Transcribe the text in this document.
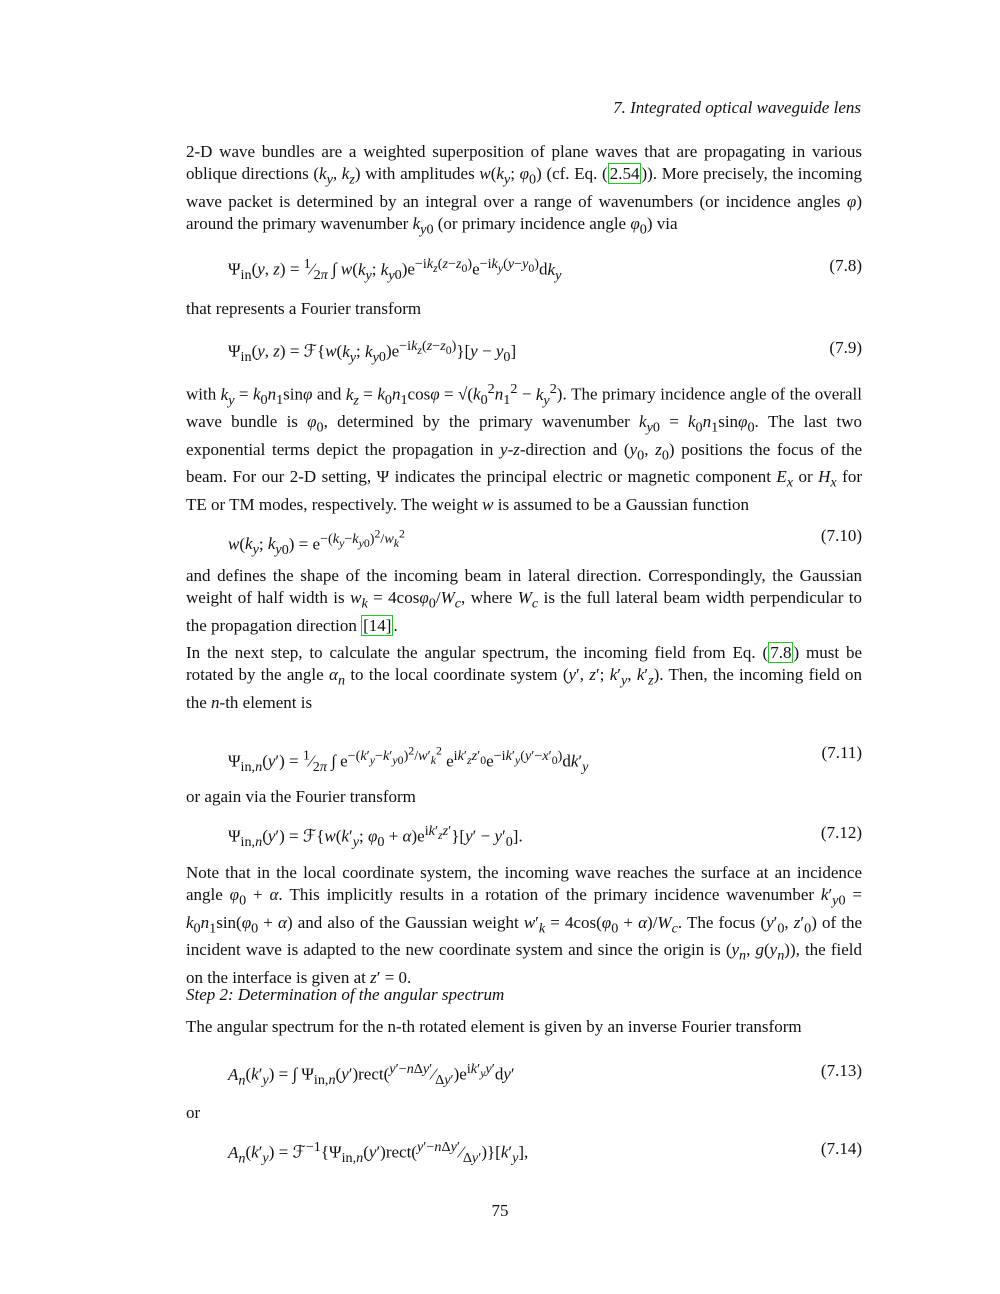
7. Integrated optical waveguide lens

2-D wave bundles are a weighted superposition of plane waves that are propagating in various oblique directions ($k_y$, $k_z$) with amplitudes $w(k_y$; $\varphi_0$) (cf. Eq. ( 2.54 )). More precisely, the incoming wave packet is determined by an integral over a range of wavenumbers (or incidence angles φ) around the primary wavenumber $k_{y0}$ (or primary incidence angle $\varphi_0$) via

$\Psi_{in}(y$, $z) = ^1⁄_{2\pi}$ ∫ $w(k_y$; $k_{y0})e^{-ik_z(z-z_0)}e^{-ik_y(y-y_0)}dk_y$
(7.8)

that represents a Fourier transform

$\Psi_{in}(y$, $z) = ℱ\{w(k_y$; $k_{y0})e^{-ik_z(z-z_0)}\}[y - y_0]$	(7.9)

with $k_y = k_0n_1\sin\varphi$ and $k_z = k_0n_1\cos\varphi = √(k_0^2n_1^2 - k_y^2)$. The primary incidence angle of the overall wave bundle is $\varphi_0$, determined by the primary wavenumber $k_{y0} = k_0n_1\sin\varphi_0$. The last two exponential terms depict the propagation in y-z-direction and ($y_0$, $z_0$) positions the focus of the beam. For our 2-D setting, Ψ indicates the principal electric or magnetic component $E_x$ or $H_x$ for TE or TM modes, respectively. The weight w is assumed to be a Gaussian function

$w(k_y$; $k_{y0}) = e^{-(k_y-k_{y0})^2/w_k^2}$	(7.10)

and defines the shape of the incoming beam in lateral direction. Correspondingly, the Gaussian weight of half width is $w_k = 4\cos\varphi_0/W_c$, where $W_c$ is the full lateral beam width perpendicular to the propagation direction [14] .

In the next step, to calculate the angular spectrum, the incoming field from Eq. ( 7.8 ) must be rotated by the angle $\alpha_n$ to the local coordinate system (y′, z′; $k'_y$, $k'_z$). Then, the incoming field on the n-th element is

$\Psi_{in,n}(y')$ = $^1⁄_{2\pi}$ ∫ $e^{-(k'_y-k'_{y0})^2/w'_k^2}$ $e^{ik'_zz'_0}e^{-ik'_y(y'-x'_0)}dk'_y$
(7.11)

or again via the Fourier transform

$\Psi_{in,n}(y')$ = $ℱ\{w(k'_y$; $\varphi_0 + \alpha)e^{ik'_zz'}\}[y' - y'_0]$.	(7.12)

Note that in the local coordinate system, the incoming wave reaches the surface at an incidence angle $\varphi_0 + \alpha$. This implicitly results in a rotation of the primary incidence wavenumber $k'_{y0} = k_0n_1\sin(\varphi_0 + \alpha)$ and also of the Gaussian weight $w'_k = 4\cos(\varphi_0 + \alpha)/W_c$. The focus ($y'_0$, $z'_0$) of the incident wave is adapted to the new coordinate system and since the origin is ($y_n$, $g(y_n)$), the field on the interface is given at z′ = 0.

Step 2: Determination of the angular spectrum

The angular spectrum for the n-th rotated element is given by an inverse Fourier transform

$A_n(k'_y)$ = ∫ $\Psi_{in,n}(y')rect(^{y'-n\Delta y'}⁄_{\Delta y'})e^{ik'_yy'}dy'$	(7.13)

or

$A_n(k'_y)$ = $ℱ^{-1}\{\Psi_{in,n}(y')rect(^{y'-n\Delta y'}⁄_{\Delta y'})\}[k'_y]$,	(7.14)
75
